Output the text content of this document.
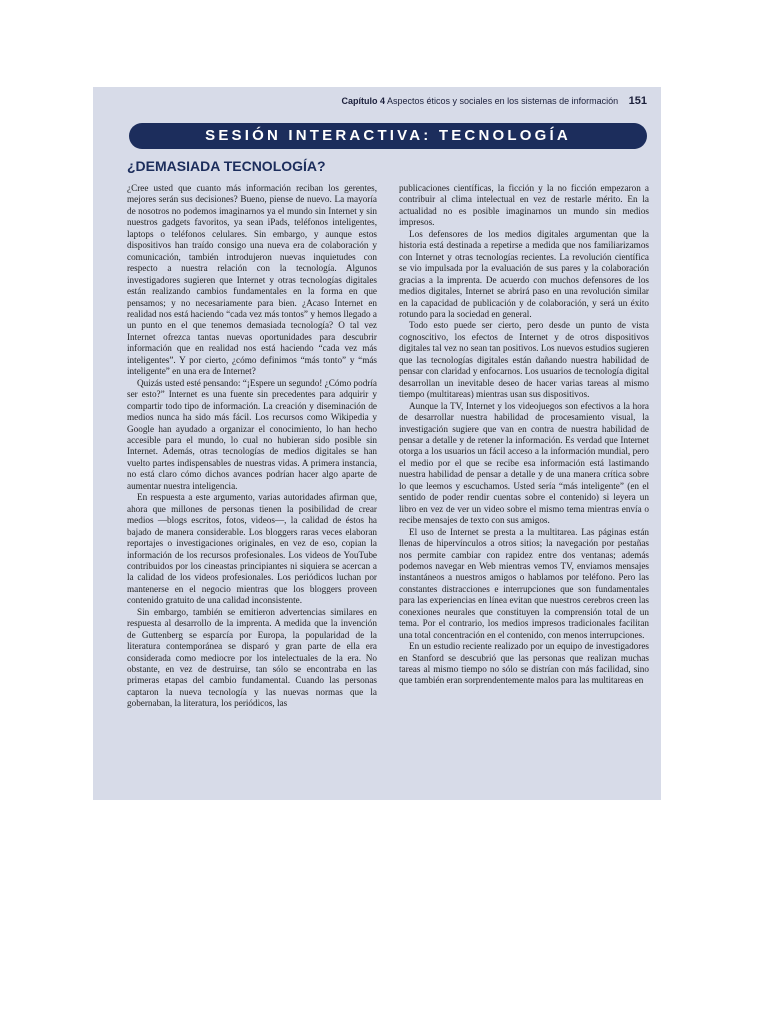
Capítulo 4 Aspectos éticos y sociales en los sistemas de información 151
SESIÓN INTERACTIVA: TECNOLOGÍA
¿DEMASIADA TECNOLOGÍA?

¿Cree usted que cuanto más información reciban los gerentes, mejores serán sus decisiones? Bueno, piense de nuevo. La mayoría de nosotros no podemos imaginarnos ya el mundo sin Internet y sin nuestros gadgets favoritos, ya sean iPads, teléfonos inteligentes, laptops o teléfonos celulares. Sin embargo, y aunque estos dispositivos han traído consigo una nueva era de colaboración y comunicación, también introdujeron nuevas inquietudes con respecto a nuestra relación con la tecnología. Algunos investigadores sugieren que Internet y otras tecnologías digitales están realizando cambios fundamentales en la forma en que pensamos; y no necesariamente para bien. ¿Acaso Internet en realidad nos está haciendo “cada vez más tontos” y hemos llegado a un punto en el que tenemos demasiada tecnología? O tal vez Internet ofrezca tantas nuevas oportunidades para descubrir información que en realidad nos está haciendo “cada vez más inteligentes”. Y por cierto, ¿cómo definimos “más tonto” y “más inteligente” en una era de Internet?

Quizás usted esté pensando: “¡Espere un segundo! ¿Cómo podría ser esto?” Internet es una fuente sin precedentes para adquirir y compartir todo tipo de información. La creación y diseminación de medios nunca ha sido más fácil. Los recursos como Wikipedia y Google han ayudado a organizar el conocimiento, lo han hecho accesible para el mundo, lo cual no hubieran sido posible sin Internet. Además, otras tecnologías de medios digitales se han vuelto partes indispensables de nuestras vidas. A primera instancia, no está claro cómo dichos avances podrían hacer algo aparte de aumentar nuestra inteligencia.

En respuesta a este argumento, varias autoridades afirman que, ahora que millones de personas tienen la posibilidad de crear medios —blogs escritos, fotos, videos—, la calidad de éstos ha bajado de manera considerable. Los bloggers raras veces elaboran reportajes o investigaciones originales, en vez de eso, copian la información de los recursos profesionales. Los videos de YouTube contribuidos por los cineastas principiantes ni siquiera se acercan a la calidad de los videos profesionales. Los periódicos luchan por mantenerse en el negocio mientras que los bloggers proveen contenido gratuito de una calidad inconsistente.

Sin embargo, también se emitieron advertencias similares en respuesta al desarrollo de la imprenta. A medida que la invención de Guttenberg se esparcía por Europa, la popularidad de la literatura contemporánea se disparó y gran parte de ella era considerada como mediocre por los intelectuales de la era. No obstante, en vez de destruirse, tan sólo se encontraba en las primeras etapas del cambio fundamental. Cuando las personas captaron la nueva tecnología y las nuevas normas que la gobernaban, la literatura, los periódicos, las

publicaciones científicas, la ficción y la no ficción empezaron a contribuir al clima intelectual en vez de restarle mérito. En la actualidad no es posible imaginarnos un mundo sin medios impresos.

Los defensores de los medios digitales argumentan que la historia está destinada a repetirse a medida que nos familiarizamos con Internet y otras tecnologías recientes. La revolución científica se vio impulsada por la evaluación de sus pares y la colaboración gracias a la imprenta. De acuerdo con muchos defensores de los medios digitales, Internet se abrirá paso en una revolución similar en la capacidad de publicación y de colaboración, y será un éxito rotundo para la sociedad en general.

Todo esto puede ser cierto, pero desde un punto de vista cognoscitivo, los efectos de Internet y de otros dispositivos digitales tal vez no sean tan positivos. Los nuevos estudios sugieren que las tecnologías digitales están dañando nuestra habilidad de pensar con claridad y enfocarnos. Los usuarios de tecnología digital desarrollan un inevitable deseo de hacer varias tareas al mismo tiempo (multitareas) mientras usan sus dispositivos.

Aunque la TV, Internet y los videojuegos son efectivos a la hora de desarrollar nuestra habilidad de procesamiento visual, la investigación sugiere que van en contra de nuestra habilidad de pensar a detalle y de retener la información. Es verdad que Internet otorga a los usuarios un fácil acceso a la información mundial, pero el medio por el que se recibe esa información está lastimando nuestra habilidad de pensar a detalle y de una manera crítica sobre lo que leemos y escuchamos. Usted sería “más inteligente” (en el sentido de poder rendir cuentas sobre el contenido) si leyera un libro en vez de ver un video sobre el mismo tema mientras envía o recibe mensajes de texto con sus amigos.

El uso de Internet se presta a la multitarea. Las páginas están llenas de hipervínculos a otros sitios; la navegación por pestañas nos permite cambiar con rapidez entre dos ventanas; además podemos navegar en Web mientras vemos TV, enviamos mensajes instantáneos a nuestros amigos o hablamos por teléfono. Pero las constantes distracciones e interrupciones que son fundamentales para las experiencias en línea evitan que nuestros cerebros creen las conexiones neurales que constituyen la comprensión total de un tema. Por el contrario, los medios impresos tradicionales facilitan una total concentración en el contenido, con menos interrupciones.

En un estudio reciente realizado por un equipo de investigadores en Stanford se descubrió que las personas que realizan muchas tareas al mismo tiempo no sólo se distrían con más facilidad, sino que también eran sorprendentemente malos para las multitareas en
